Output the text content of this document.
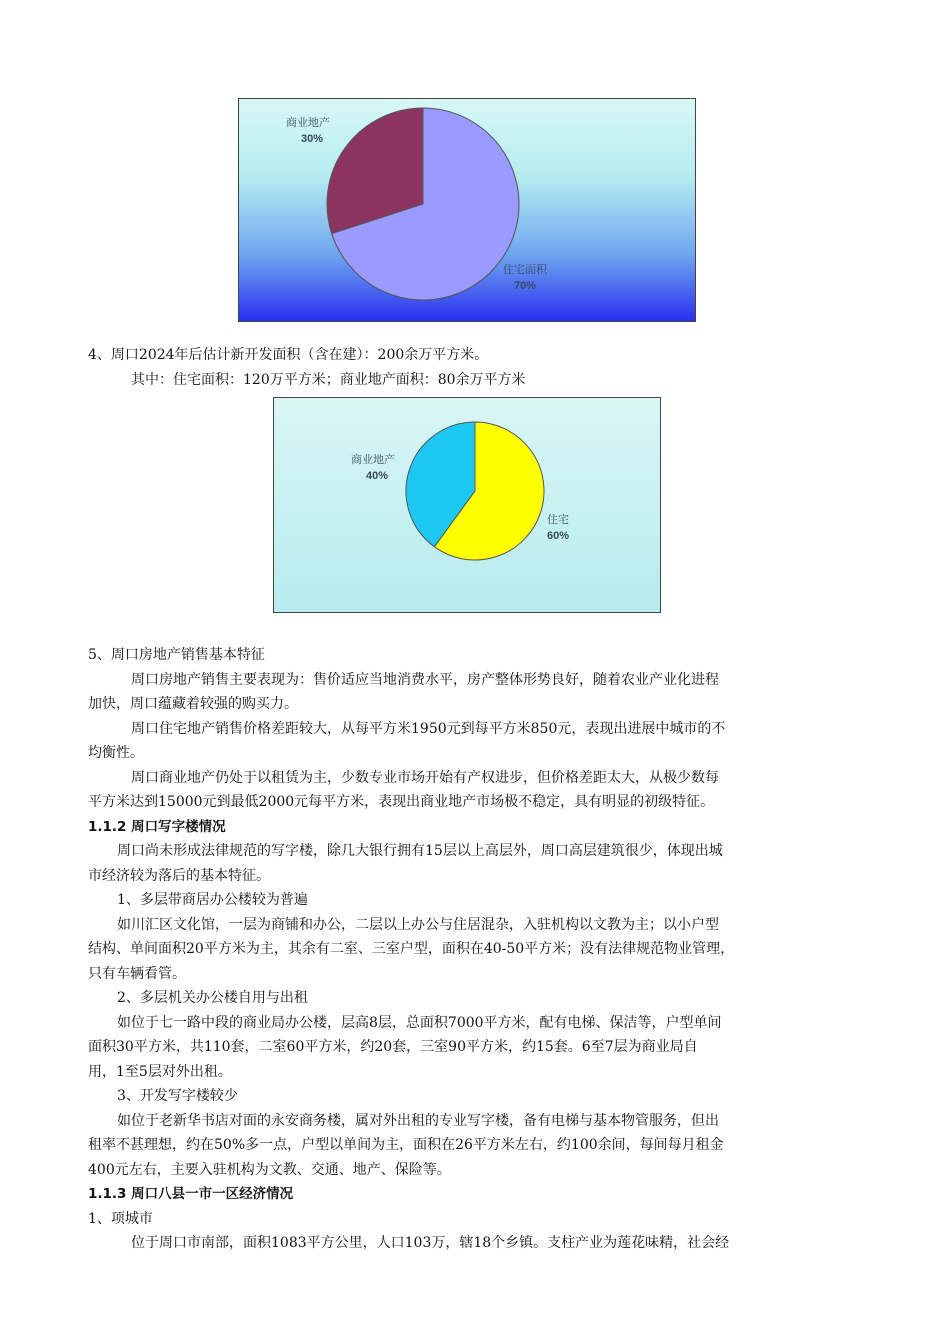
商业地产
30%
住宅面积
70%
4、周口2024年后估计新开发面积（含在建）：200余万平方米。
其中：住宅面积：120万平方米；商业地产面积：80余万平方米
商业地产
40%
住宅
60%
5、周口房地产销售基本特征
周口房地产销售主要表现为：售价适应当地消费水平，房产整体形势良好，随着农业产业化进程
加快，周口蕴藏着较强的购买力。
周口住宅地产销售价格差距较大，从每平方米1950元到每平方米850元，表现出进展中城市的不
均衡性。
周口商业地产仍处于以租赁为主，少数专业市场开始有产权进步，但价格差距太大，从极少数每
平方米达到15000元到最低2000元每平方米，表现出商业地产市场极不稳定，具有明显的初级特征。
1.1.2 周口写字楼情况
周口尚未形成法律规范的写字楼，除几大银行拥有15层以上高层外，周口高层建筑很少，体现出城
市经济较为落后的基本特征。
1、多层带商居办公楼较为普遍
如川汇区文化馆，一层为商铺和办公，二层以上办公与住居混杂，入驻机构以文教为主；以小户型
结构、单间面积20平方米为主，其余有二室、三室户型，面积在40-50平方米；没有法律规范物业管理，
只有车辆看管。
2、多层机关办公楼自用与出租
如位于七一路中段的商业局办公楼，层高8层，总面积7000平方米，配有电梯、保洁等，户型单间
面积30平方米，共110套，二室60平方米，约20套，三室90平方米，约15套。6至7层为商业局自
用，1至5层对外出租。
3、开发写字楼较少
如位于老新华书店对面的永安商务楼，属对外出租的专业写字楼，备有电梯与基本物管服务，但出
租率不甚理想，约在50%多一点，户型以单间为主，面积在26平方米左右，约100余间，每间每月租金
400元左右，主要入驻机构为文教、交通、地产、保险等。
1.1.3 周口八县一市一区经济情况
1、项城市
位于周口市南部，面积1083平方公里，人口103万，辖18个乡镇。支柱产业为莲花味精，社会经
